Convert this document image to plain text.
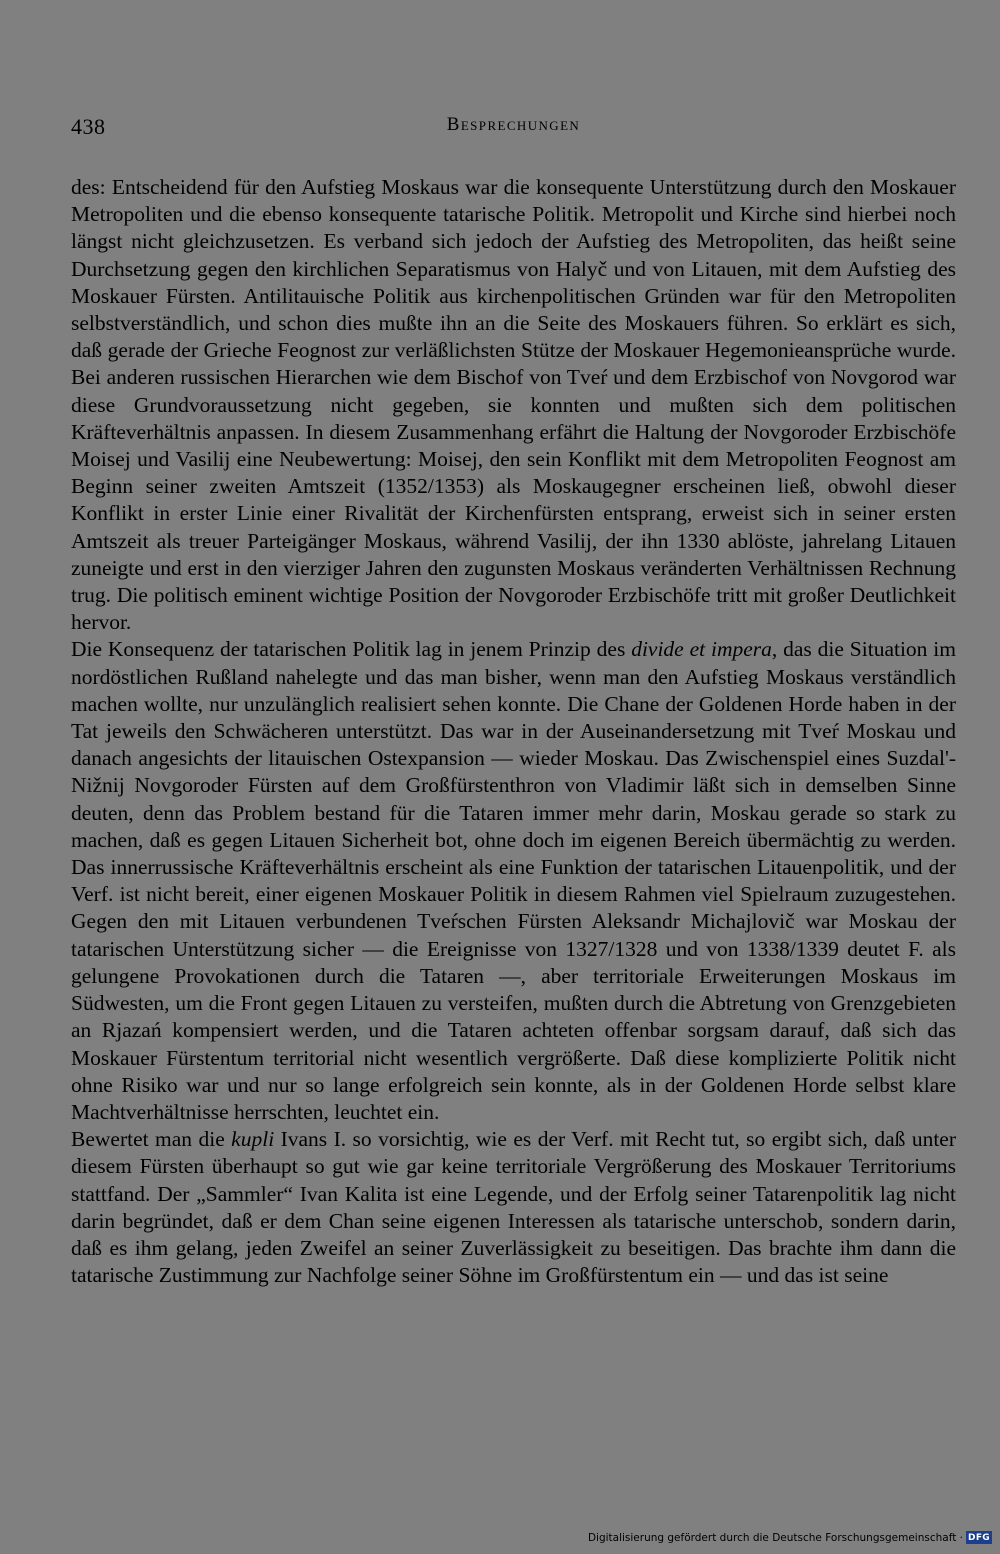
438	Besprechungen

des: Entscheidend für den Aufstieg Moskaus war die konsequente Unterstützung durch den Moskauer Metropoliten und die ebenso konsequente tatarische Politik. Metropolit und Kirche sind hierbei noch längst nicht gleichzusetzen. Es verband sich jedoch der Aufstieg des Metropoliten, das heißt seine Durchsetzung gegen den kirchlichen Separatismus von Halyč und von Litauen, mit dem Aufstieg des Moskauer Fürsten. Antilitauische Politik aus kirchenpolitischen Gründen war für den Metropoliten selbstverständlich, und schon dies mußte ihn an die Seite des Moskauers führen. So erklärt es sich, daß gerade der Grieche Feognost zur verläßlichsten Stütze der Moskauer Hegemonieansprüche wurde. Bei anderen russischen Hierarchen wie dem Bischof von Tveŕ und dem Erzbischof von Novgorod war diese Grundvoraussetzung nicht gegeben, sie konnten und mußten sich dem politischen Kräfteverhältnis anpassen. In diesem Zusammenhang erfährt die Haltung der Novgoroder Erzbischöfe Moisej und Vasilij eine Neubewertung: Moisej, den sein Konflikt mit dem Metropoliten Feognost am Beginn seiner zweiten Amtszeit (1352/1353) als Moskaugegner erscheinen ließ, obwohl dieser Konflikt in erster Linie einer Rivalität der Kirchenfürsten entsprang, erweist sich in seiner ersten Amtszeit als treuer Parteigänger Moskaus, während Vasilij, der ihn 1330 ablöste, jahrelang Litauen zuneigte und erst in den vierziger Jahren den zugunsten Moskaus veränderten Verhältnissen Rechnung trug. Die politisch eminent wichtige Position der Novgoroder Erzbischöfe tritt mit großer Deutlichkeit hervor.

Die Konsequenz der tatarischen Politik lag in jenem Prinzip des divide et impera, das die Situation im nordöstlichen Rußland nahelegte und das man bisher, wenn man den Aufstieg Moskaus verständlich machen wollte, nur unzulänglich realisiert sehen konnte. Die Chane der Goldenen Horde haben in der Tat jeweils den Schwächeren unterstützt. Das war in der Auseinandersetzung mit Tveŕ Moskau und danach angesichts der litauischen Ostexpansion — wieder Moskau. Das Zwischenspiel eines Suzdal'-Nižnij Novgoroder Fürsten auf dem Großfürstenthron von Vladimir läßt sich in demselben Sinne deuten, denn das Problem bestand für die Tataren immer mehr darin, Moskau gerade so stark zu machen, daß es gegen Litauen Sicherheit bot, ohne doch im eigenen Bereich übermächtig zu werden. Das innerrussische Kräfteverhältnis erscheint als eine Funktion der tatarischen Litauenpolitik, und der Verf. ist nicht bereit, einer eigenen Moskauer Politik in diesem Rahmen viel Spielraum zuzugestehen. Gegen den mit Litauen verbundenen Tveŕschen Fürsten Aleksandr Michajlovič war Moskau der tatarischen Unterstützung sicher — die Ereignisse von 1327/1328 und von 1338/1339 deutet F. als gelungene Provokationen durch die Tataren —, aber territoriale Erweiterungen Moskaus im Südwesten, um die Front gegen Litauen zu versteifen, mußten durch die Abtretung von Grenzgebieten an Rjazań kompensiert werden, und die Tataren achteten offenbar sorgsam darauf, daß sich das Moskauer Fürstentum territorial nicht wesentlich vergrößerte. Daß diese komplizierte Politik nicht ohne Risiko war und nur so lange erfolgreich sein konnte, als in der Goldenen Horde selbst klare Machtverhältnisse herrschten, leuchtet ein.

Bewertet man die kupli Ivans I. so vorsichtig, wie es der Verf. mit Recht tut, so ergibt sich, daß unter diesem Fürsten überhaupt so gut wie gar keine territoriale Vergrößerung des Moskauer Territoriums stattfand. Der „Sammler“ Ivan Kalita ist eine Legende, und der Erfolg seiner Tatarenpolitik lag nicht darin begründet, daß er dem Chan seine eigenen Interessen als tatarische unterschob, sondern darin, daß es ihm gelang, jeden Zweifel an seiner Zuverlässigkeit zu beseitigen. Das brachte ihm dann die tatarische Zustimmung zur Nachfolge seiner Söhne im Großfürstentum ein — und das ist seine

Digitalisierung gefördert durch die Deutsche Forschungsgemeinschaft · DFG
